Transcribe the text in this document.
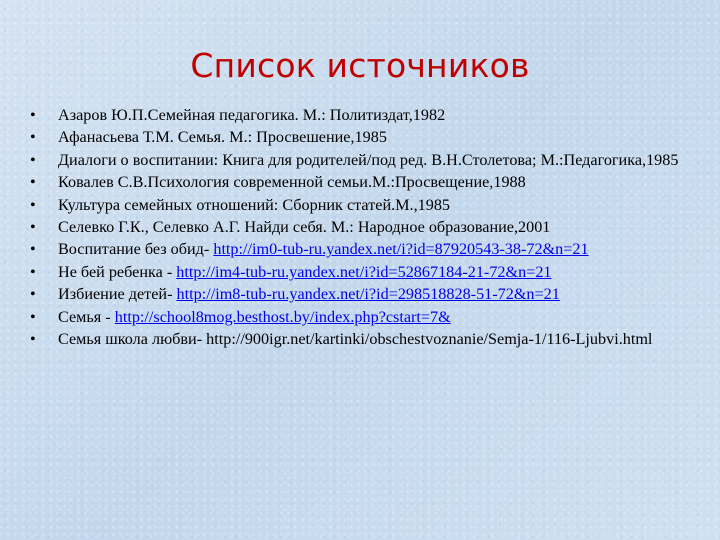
Список источников
•	Азаров Ю.П.Семейная педагогика. М.: Политиздат,1982
•	Афанасьева Т.М. Семья. М.: Просвешение,1985
•	Диалоги о воспитании: Книга для родителей/под ред. В.Н.Столетова; М.:Педагогика,1985
•	Ковалев С.В.Психология современной семьи.М.:Просвещение,1988
•	Культура семейных отношений: Сборник статей.М.,1985
•	Селевко Г.К., Селевко А.Г. Найди себя. М.: Народное образование,2001
•	Воспитание без обид- http://im0-tub-ru.yandex.net/i?id=87920543-38-72&n=21
•	Не бей ребенка - http://im4-tub-ru.yandex.net/i?id=52867184-21-72&n=21
•	Избиение детей- http://im8-tub-ru.yandex.net/i?id=298518828-51-72&n=21
•	Семья - http://school8mog.besthost.by/index.php?cstart=7&
•	Семья школа любви- http://900igr.net/kartinki/obschestvoznanie/Semja-1/116-Ljubvi.html
